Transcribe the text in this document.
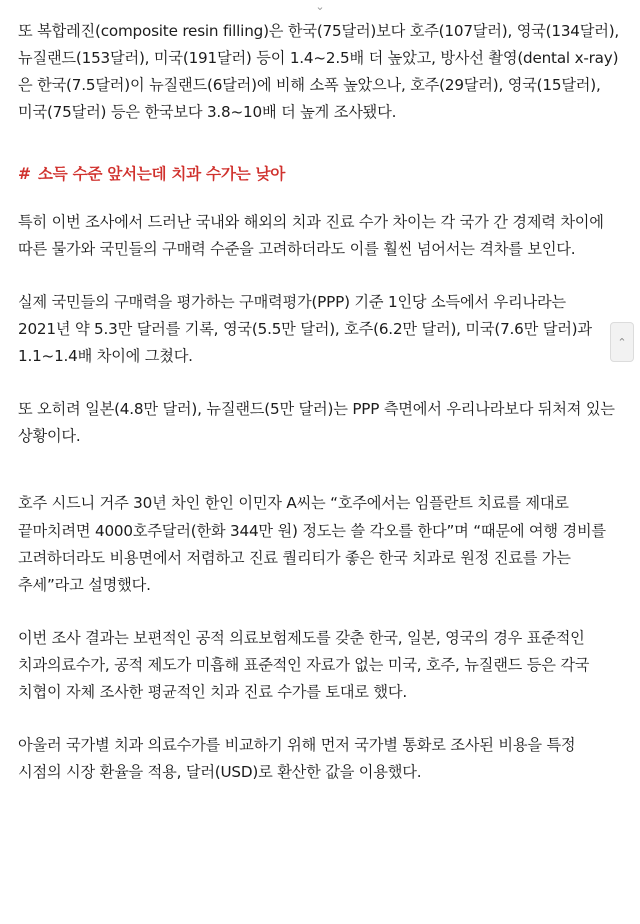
⌄

또 복합레진(composite resin filling)은 한국(75달러)보다 호주(107달러), 영국(134달러), 뉴질랜드(153달러), 미국(191달러) 등이 1.4~2.5배 더 높았고, 방사선 촬영(dental x-ray)은 한국(7.5달러)이 뉴질랜드(6달러)에 비해 소폭 높았으나, 호주(29달러), 영국(15달러), 미국(75달러) 등은 한국보다 3.8~10배 더 높게 조사됐다.

# 소득 수준 앞서는데 치과 수가는 낮아

특히 이번 조사에서 드러난 국내와 해외의 치과 진료 수가 차이는 각 국가 간 경제력 차이에 따른 물가와 국민들의 구매력 수준을 고려하더라도 이를 훨씬 넘어서는 격차를 보인다.

실제 국민들의 구매력을 평가하는 구매력평가(PPP) 기준 1인당 소득에서 우리나라는 2021년 약 5.3만 달러를 기록, 영국(5.5만 달러), 호주(6.2만 달러), 미국(7.6만 달러)과 1.1~1.4배 차이에 그쳤다.

또 오히려 일본(4.8만 달러), 뉴질랜드(5만 달러)는 PPP 측면에서 우리나라보다 뒤처져 있는 상황이다.

호주 시드니 거주 30년 차인 한인 이민자 A씨는 “호주에서는 임플란트 치료를 제대로 끝마치려면 4000호주달러(한화 344만 원) 정도는 쓸 각오를 한다”며 “때문에 여행 경비를 고려하더라도 비용면에서 저렴하고 진료 퀄리티가 좋은 한국 치과로 원정 진료를 가는 추세”라고 설명했다.

이번 조사 결과는 보편적인 공적 의료보험제도를 갖춘 한국, 일본, 영국의 경우 표준적인 치과의료수가, 공적 제도가 미흡해 표준적인 자료가 없는 미국, 호주, 뉴질랜드 등은 각국 치협이 자체 조사한 평균적인 치과 진료 수가를 토대로 했다.

아울러 국가별 치과 의료수가를 비교하기 위해 먼저 국가별 통화로 조사된 비용을 특정 시점의 시장 환율을 적용, 달러(USD)로 환산한 값을 이용했다.

⌃
